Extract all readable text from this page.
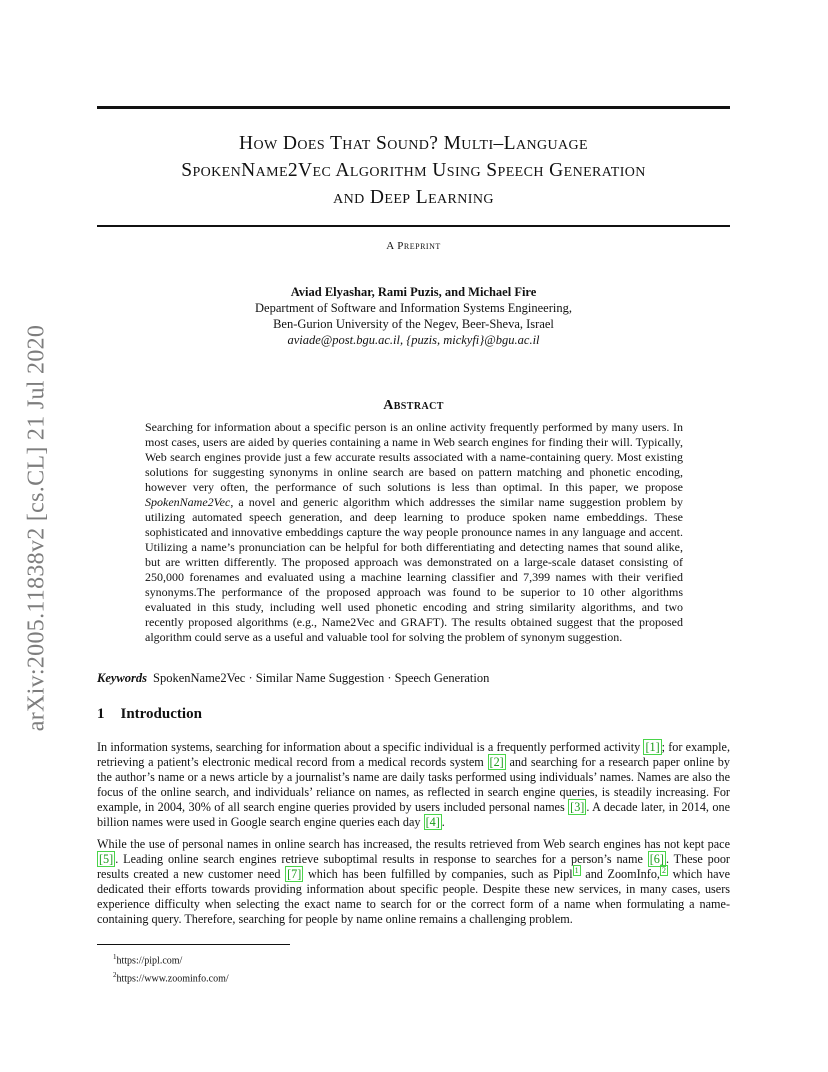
arXiv:2005.11838v2 [cs.CL] 21 Jul 2020
How Does That Sound? Multi–Language
SpokenName2Vec Algorithm Using Speech Generation
and Deep Learning
A Preprint
Aviad Elyashar, Rami Puzis, and Michael Fire
Department of Software and Information Systems Engineering,
Ben-Gurion University of the Negev, Beer-Sheva, Israel
aviade@post.bgu.ac.il, {puzis, mickyfi}@bgu.ac.il
Abstract
Searching for information about a specific person is an online activity frequently performed by many users. In most cases, users are aided by queries containing a name in Web search engines for finding their will. Typically, Web search engines provide just a few accurate results associated with a name-containing query. Most existing solutions for suggesting synonyms in online search are based on pattern matching and phonetic encoding, however very often, the performance of such solutions is less than optimal. In this paper, we propose SpokenName2Vec, a novel and generic algorithm which addresses the similar name suggestion problem by utilizing automated speech generation, and deep learning to produce spoken name embeddings. These sophisticated and innovative embeddings capture the way people pronounce names in any language and accent. Utilizing a name’s pronunciation can be helpful for both differentiating and detecting names that sound alike, but are written differently. The proposed approach was demonstrated on a large-scale dataset consisting of 250,000 forenames and evaluated using a machine learning classifier and 7,399 names with their verified synonyms.The performance of the proposed approach was found to be superior to 10 other algorithms evaluated in this study, including well used phonetic encoding and string similarity algorithms, and two recently proposed algorithms (e.g., Name2Vec and GRAFT). The results obtained suggest that the proposed algorithm could serve as a useful and valuable tool for solving the problem of synonym suggestion.
Keywords SpokenName2Vec · Similar Name Suggestion · Speech Generation
1 Introduction

In information systems, searching for information about a specific individual is a frequently performed activity [1] ; for example, retrieving a patient’s electronic medical record from a medical records system [2] and searching for a research paper online by the author’s name or a news article by a journalist’s name are daily tasks performed using individuals’ names. Names are also the focus of the online search, and individuals’ reliance on names, as reflected in search engine queries, is steadily increasing. For example, in 2004, 30% of all search engine queries provided by users included personal names [3] . A decade later, in 2014, one billion names were used in Google search engine queries each day [4] .

While the use of personal names in online search has increased, the results retrieved from Web search engines has not kept pace [5] . Leading online search engines retrieve suboptimal results in response to searches for a person’s name [6] . These poor results created a new customer need [7] which has been fulfilled by companies, such as Pipl $^1$ and ZoomInfo, $^2$ which have dedicated their efforts towards providing information about specific people. Despite these new services, in many cases, users experience difficulty when selecting the exact name to search for or the correct form of a name when formulating a name-containing query. Therefore, searching for people by name online remains a challenging problem.

$^1$https://pipl.com/
$^2$https://www.zoominfo.com/
